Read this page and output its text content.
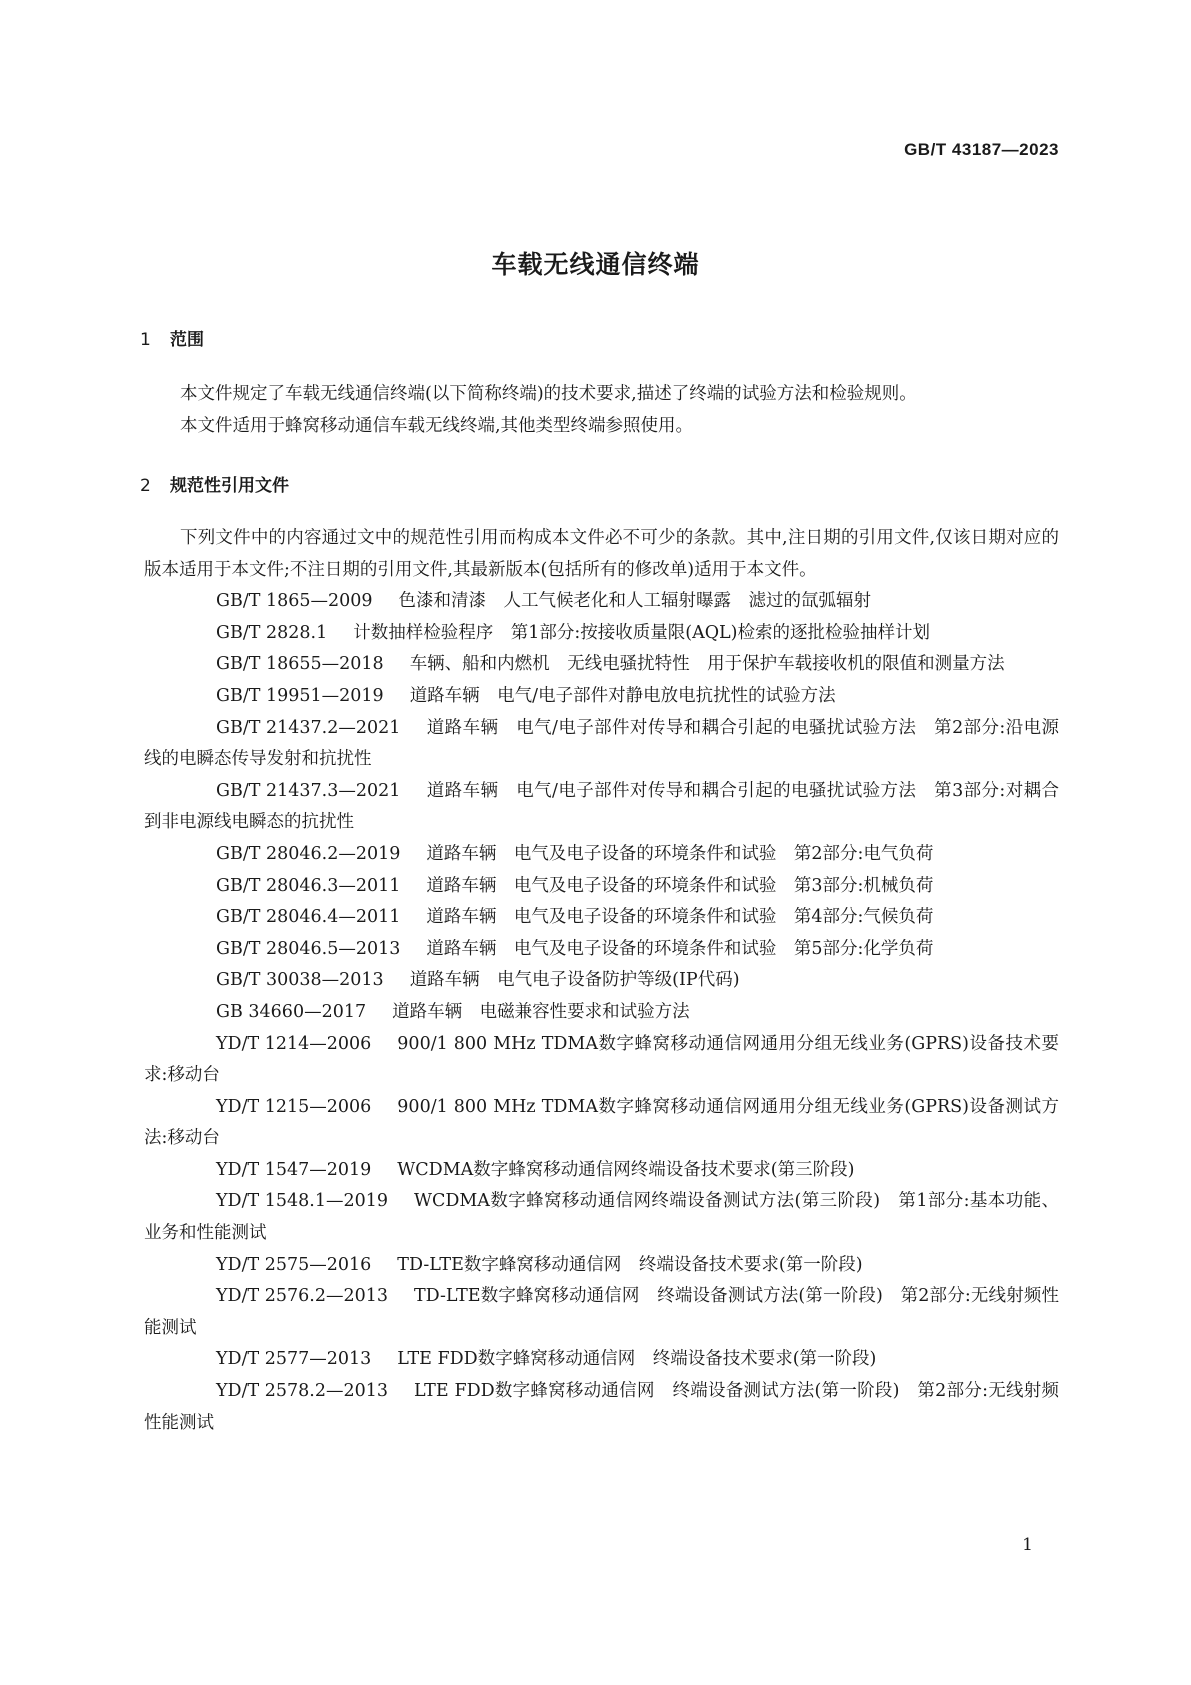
GB/T 43187—2023
车载无线通信终端
1 范围

本文件规定了车载无线通信终端(以下简称终端)的技术要求,描述了终端的试验方法和检验规则。

本文件适用于蜂窝移动通信车载无线终端,其他类型终端参照使用。

2 规范性引用文件

下列文件中的内容通过文中的规范性引用而构成本文件必不可少的条款。其中,注日期的引用文件,仅该日期对应的版本适用于本文件;不注日期的引用文件,其最新版本(包括所有的修改单)适用于本文件。

GB/T 1865—2009 色漆和清漆　人工气候老化和人工辐射曝露　滤过的氙弧辐射

GB/T 2828.1 计数抽样检验程序　第1部分:按接收质量限(AQL)检索的逐批检验抽样计划

GB/T 18655—2018 车辆、船和内燃机　无线电骚扰特性　用于保护车载接收机的限值和测量方法

GB/T 19951—2019 道路车辆　电气/电子部件对静电放电抗扰性的试验方法

GB/T 21437.2—2021 道路车辆　电气/电子部件对传导和耦合引起的电骚扰试验方法　第2部分:沿电源线的电瞬态传导发射和抗扰性

GB/T 21437.3—2021 道路车辆　电气/电子部件对传导和耦合引起的电骚扰试验方法　第3部分:对耦合到非电源线电瞬态的抗扰性

GB/T 28046.2—2019 道路车辆　电气及电子设备的环境条件和试验　第2部分:电气负荷

GB/T 28046.3—2011 道路车辆　电气及电子设备的环境条件和试验　第3部分:机械负荷

GB/T 28046.4—2011 道路车辆　电气及电子设备的环境条件和试验　第4部分:气候负荷

GB/T 28046.5—2013 道路车辆　电气及电子设备的环境条件和试验　第5部分:化学负荷

GB/T 30038—2013 道路车辆　电气电子设备防护等级(IP代码)

GB 34660—2017 道路车辆　电磁兼容性要求和试验方法

YD/T 1214—2006 900/1 800 MHz TDMA数字蜂窝移动通信网通用分组无线业务(GPRS)设备技术要求:移动台

YD/T 1215—2006 900/1 800 MHz TDMA数字蜂窝移动通信网通用分组无线业务(GPRS)设备测试方法:移动台

YD/T 1547—2019 WCDMA数字蜂窝移动通信网终端设备技术要求(第三阶段)

YD/T 1548.1—2019 WCDMA数字蜂窝移动通信网终端设备测试方法(第三阶段)　第1部分:基本功能、业务和性能测试

YD/T 2575—2016 TD-LTE数字蜂窝移动通信网　终端设备技术要求(第一阶段)

YD/T 2576.2—2013 TD-LTE数字蜂窝移动通信网　终端设备测试方法(第一阶段)　第2部分:无线射频性能测试

YD/T 2577—2013 LTE FDD数字蜂窝移动通信网　终端设备技术要求(第一阶段)

YD/T 2578.2—2013 LTE FDD数字蜂窝移动通信网　终端设备测试方法(第一阶段)　第2部分:无线射频性能测试

1
